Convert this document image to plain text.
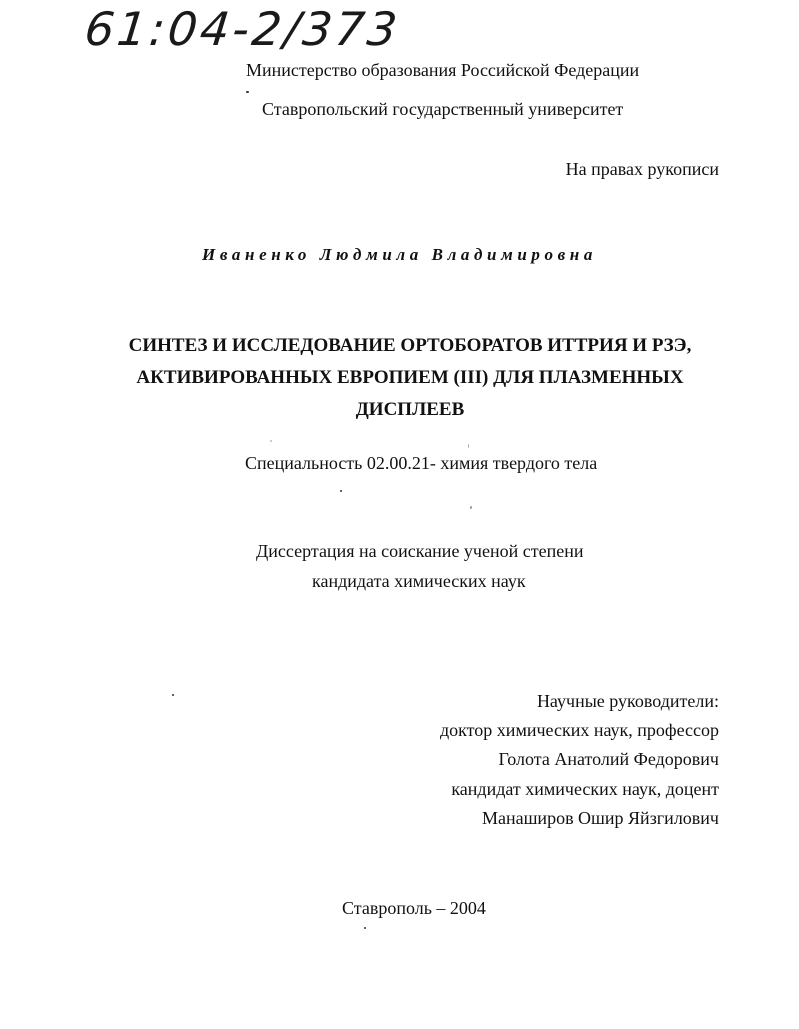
61:04-2/373
Министерство образования Российской Федерации
Ставропольский государственный университет
На правах рукописи
Иваненко Людмила Владимировна
СИНТЕЗ И ИССЛЕДОВАНИЕ ОРТОБОРАТОВ ИТТРИЯ И РЗЭ,
АКТИВИРОВАННЫХ ЕВРОПИЕМ (III) ДЛЯ ПЛАЗМЕННЫХ
ДИСПЛЕЕВ
Специальность 02.00.21- химия твердого тела
Диссертация на соискание ученой степени
кандидата химических наук
Научные руководители:
доктор химических наук, профессор
Голота Анатолий Федорович
кандидат химических наук, доцент
Манаширов Ошир Яйзгилович
Ставрополь – 2004
